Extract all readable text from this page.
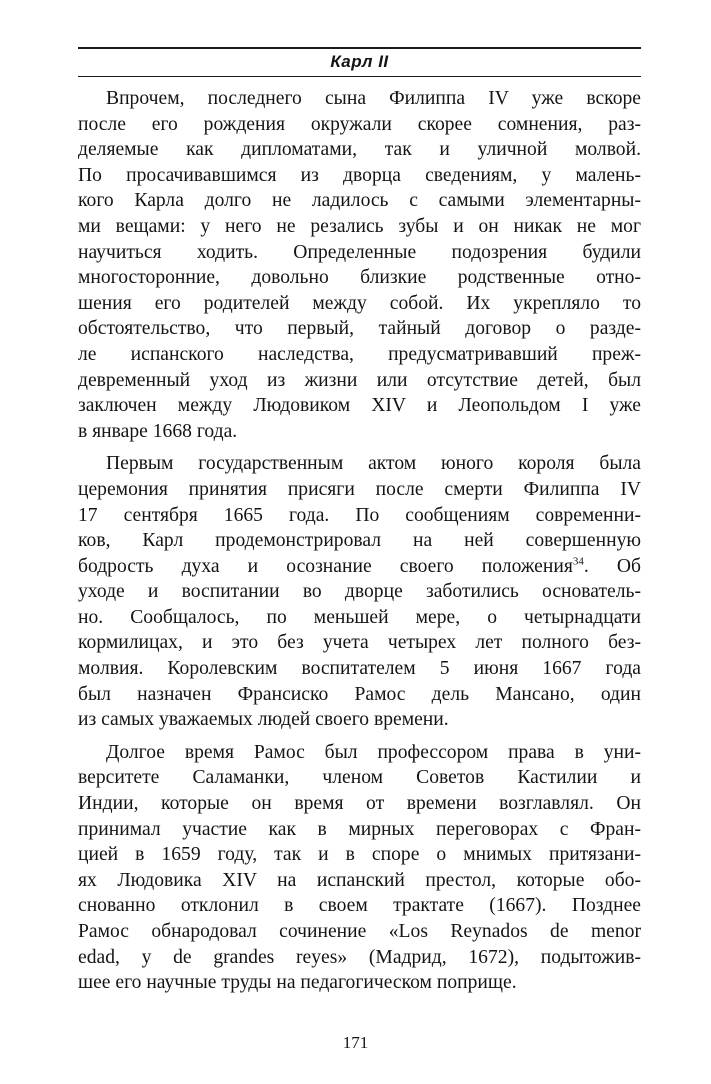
Карл II

Впрочем, последнего сына Филиппа IV уже вскоре
после его рождения окружали скорее сомнения, раз-
деляемые как дипломатами, так и уличной молвой.
По просачивавшимся из дворца сведениям, у малень-
кого Карла долго не ладилось с самыми элементарны-
ми вещами: у него не резались зубы и он никак не мог
научиться ходить. Определенные подозрения будили
многосторонние, довольно близкие родственные отно-
шения его родителей между собой. Их укрепляло то
обстоятельство, что первый, тайный договор о разде-
ле испанского наследства, предусматривавший преж-
девременный уход из жизни или отсутствие детей, был
заключен между Людовиком XIV и Леопольдом I уже
в январе 1668 года.

Первым государственным актом юного короля была
церемония принятия присяги после смерти Филиппа IV
17 сентября 1665 года. По сообщениям современни-
ков, Карл продемонстрировал на ней совершенную
бодрость духа и осознание своего положения$^{34}$. Об
уходе и воспитании во дворце заботились основатель-
но. Сообщалось, по меньшей мере, о четырнадцати
кормилицах, и это без учета четырех лет полного без-
молвия. Королевским воспитателем 5 июня 1667 года
был назначен Франсиско Рамос дель Мансано, один
из самых уважаемых людей своего времени.

Долгое время Рамос был профессором права в уни-
верситете Саламанки, членом Советов Кастилии и
Индии, которые он время от времени возглавлял. Он
принимал участие как в мирных переговорах с Фран-
цией в 1659 году, так и в споре о мнимых притязани-
ях Людовика XIV на испанский престол, которые обо-
снованно отклонил в своем трактате (1667). Позднее
Рамос обнародовал сочинение «Los Reynados de menor
edad, y de grandes reyes» (Мадрид, 1672), подытожив-
шее его научные труды на педагогическом поприще.

171
